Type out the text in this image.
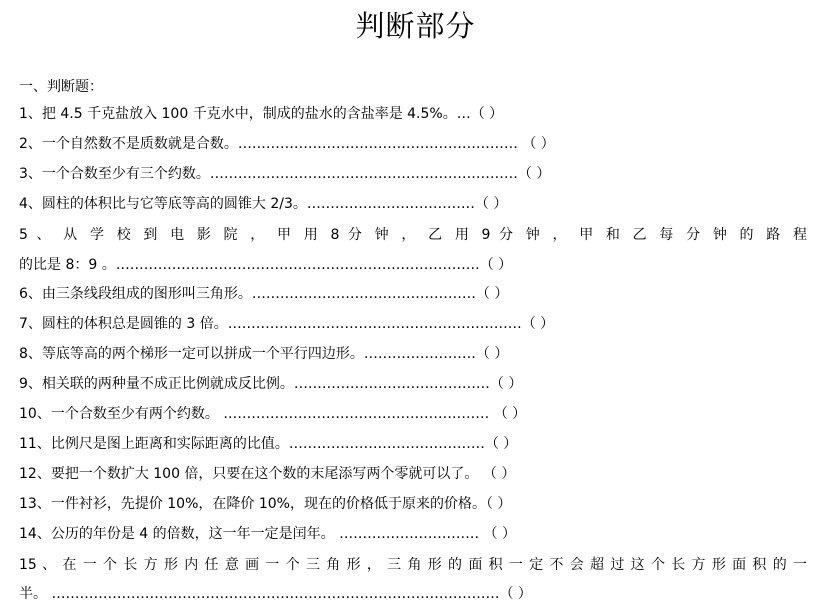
判断部分
一、判断题：
1、把 4.5 千克盐放入 100 千克水中，制成的盐水的含盐率是 4.5%。…（ ）
2、一个自然数不是质数就是合数。…………………………………………………… （ ）
3、一个合数至少有三个约数。…………………………………………………………（ ）
4、圆柱的体积比与它等底等高的圆锥大 2/3。………………………………（ ）
5 、 从 学 校 到 电 影 院 ， 甲 用 8 分 钟 ， 乙 用 9 分 钟 ， 甲 和 乙 每 分 钟 的 路 程
的比是 8：9 。……………………………………………………………………（ ）
6、由三条线段组成的图形叫三角形。…………………………………………（ ）
7、圆柱的体积总是圆锥的 3 倍。………………………………………………………（ ）
8、等底等高的两个梯形一定可以拼成一个平行四边形。……………………（ ）
9、相关联的两种量不成正比例就成反比例。……………………………………（ ）
10、一个合数至少有两个约数。 ………………………………………………… （ ）
11、比例尺是图上距离和实际距离的比值。……………………………………（ ）
12、要把一个数扩大 100 倍，只要在这个数的末尾添写两个零就可以了。 （ ）
13、一件衬衫，先提价 10%，在降价 10%，现在的价格低于原来的价格。（ ）
14、公历的年份是 4 的倍数，这一年一定是闰年。 ………………………… （ ）
15 、 在 一 个 长 方 形 内 任 意 画 一 个 三 角 形 ， 三 角 形 的 面 积 一 定 不 会 超 过 这 个 长 方 形 面 积 的 一
半。 ……………………………………………………………………………………（ ）
